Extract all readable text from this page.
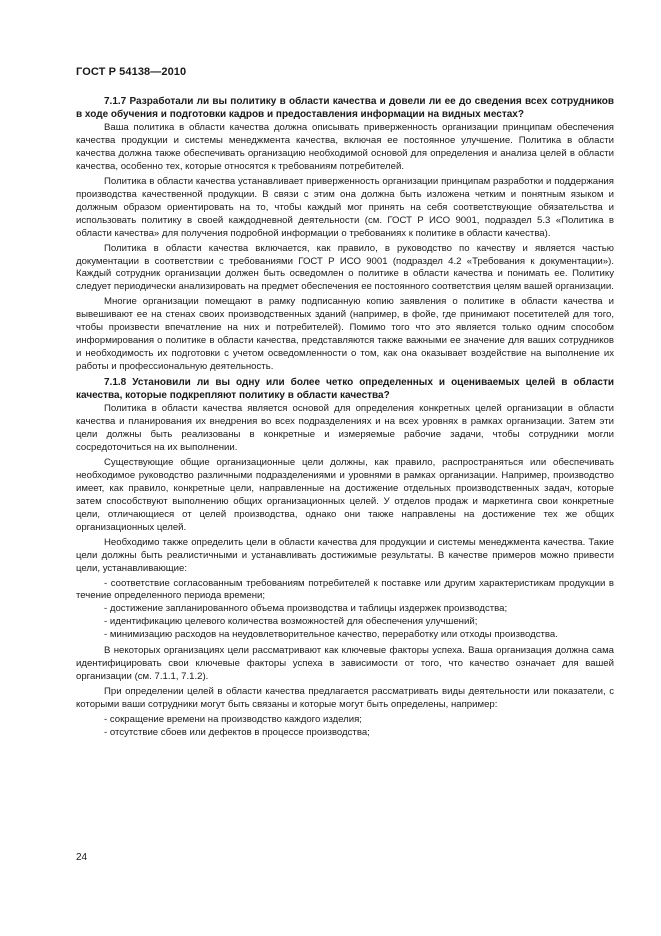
ГОСТ Р 54138—2010

7.1.7 Разработали ли вы политику в области качества и довели ли ее до сведения всех сотрудников в ходе обучения и подготовки кадров и предоставления информации на видных местах?

Ваша политика в области качества должна описывать приверженность организации принципам обеспечения качества продукции и системы менеджмента качества, включая ее постоянное улучшение. Политика в области качества должна также обеспечивать организацию необходимой основой для определения и анализа целей в области качества, особенно тех, которые относятся к требованиям потребителей.

Политика в области качества устанавливает приверженность организации принципам разработки и поддержания производства качественной продукции. В связи с этим она должна быть изложена четким и понятным языком и должным образом ориентировать на то, чтобы каждый мог принять на себя соответствующие обязательства и использовать политику в своей каждодневной деятельности (см. ГОСТ Р ИСО 9001, подраздел 5.3 «Политика в области качества» для получения подробной информации о требованиях к политике в области качества).

Политика в области качества включается, как правило, в руководство по качеству и является частью документации в соответствии с требованиями ГОСТ Р ИСО 9001 (подраздел 4.2 «Требования к документации»). Каждый сотрудник организации должен быть осведомлен о политике в области качества и понимать ее. Политику следует периодически анализировать на предмет обеспечения ее постоянного соответствия целям вашей организации.

Многие организации помещают в рамку подписанную копию заявления о политике в области качества и вывешивают ее на стенах своих производственных зданий (например, в фойе, где принимают посетителей для того, чтобы произвести впечатление на них и потребителей). Помимо того что это является только одним способом информирования о политике в области качества, представляются также важными ее значение для ваших сотрудников и необходимость их подготовки с учетом осведомленности о том, как она оказывает воздействие на выполнение их работы и профессиональную деятельность.

7.1.8 Установили ли вы одну или более четко определенных и оцениваемых целей в области качества, которые подкрепляют политику в области качества?

Политика в области качества является основой для определения конкретных целей организации в области качества и планирования их внедрения во всех подразделениях и на всех уровнях в рамках организации. Затем эти цели должны быть реализованы в конкретные и измеряемые рабочие задачи, чтобы сотрудники могли сосредоточиться на их выполнении.

Существующие общие организационные цели должны, как правило, распространяться или обеспечивать необходимое руководство различными подразделениями и уровнями в рамках организации. Например, производство имеет, как правило, конкретные цели, направленные на достижение отдельных производственных задач, которые затем способствуют выполнению общих организационных целей. У отделов продаж и маркетинга свои конкретные цели, отличающиеся от целей производства, однако они также направлены на достижение тех же общих организационных целей.

Необходимо также определить цели в области качества для продукции и системы менеджмента качества. Такие цели должны быть реалистичными и устанавливать достижимые результаты. В качестве примеров можно привести цели, устанавливающие:

- соответствие согласованным требованиям потребителей к поставке или другим характеристикам продукции в течение определенного периода времени;

- достижение запланированного объема производства и таблицы издержек производства;

- идентификацию целевого количества возможностей для обеспечения улучшений;

- минимизацию расходов на неудовлетворительное качество, переработку или отходы производства.

В некоторых организациях цели рассматривают как ключевые факторы успеха. Ваша организация должна сама идентифицировать свои ключевые факторы успеха в зависимости от того, что качество означает для вашей организации (см. 7.1.1, 7.1.2).

При определении целей в области качества предлагается рассматривать виды деятельности или показатели, с которыми ваши сотрудники могут быть связаны и которые могут быть определены, например:

- сокращение времени на производство каждого изделия;

- отсутствие сбоев или дефектов в процессе производства;

24
